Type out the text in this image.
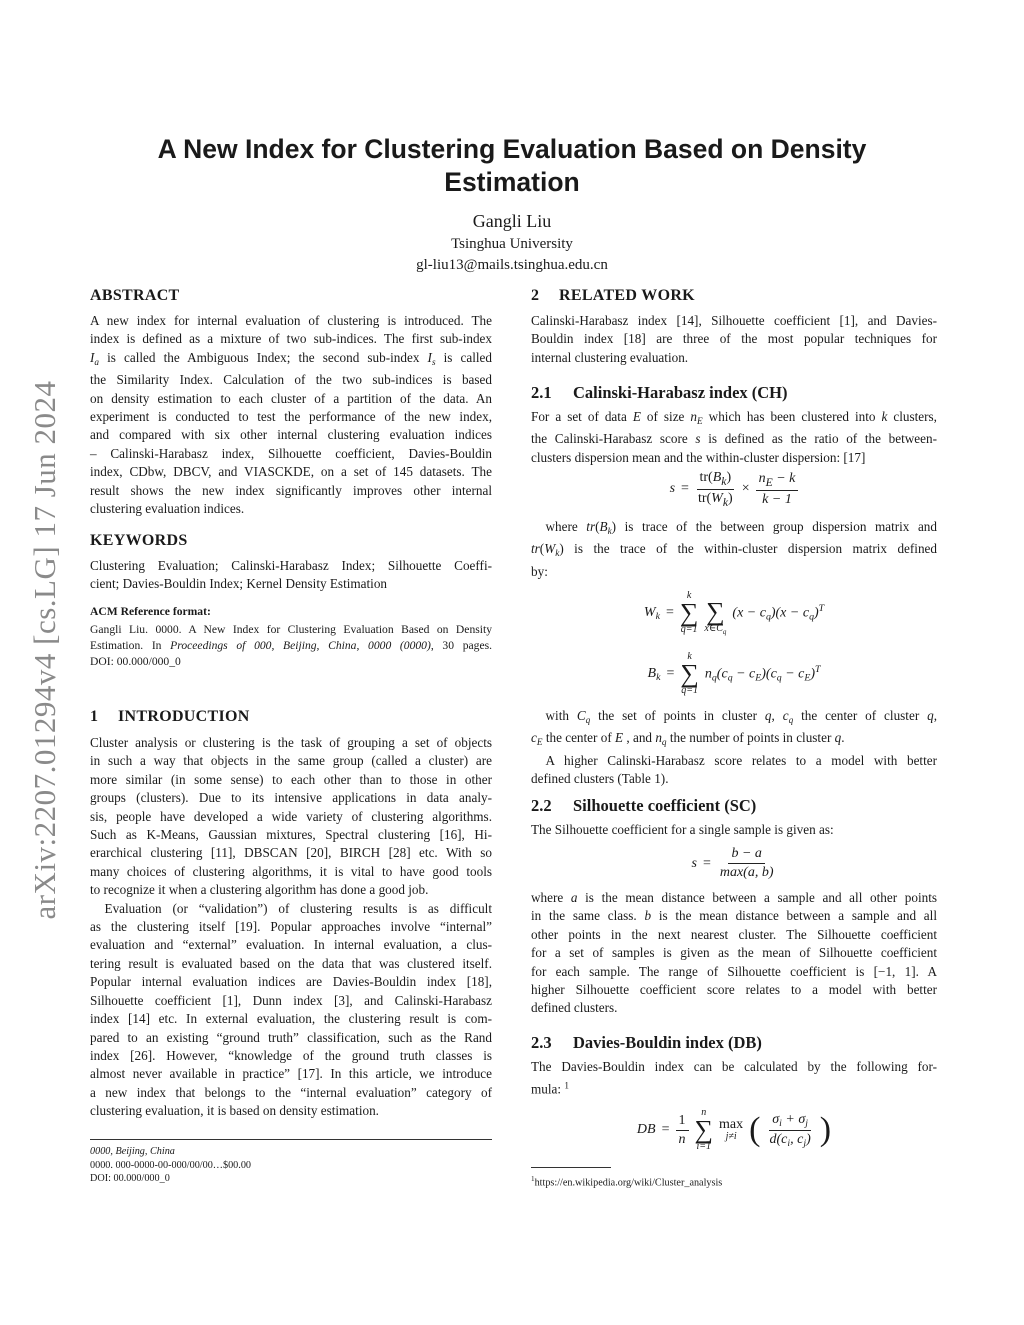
arXiv:2207.01294v4 [cs.LG] 17 Jun 2024
A New Index for Clustering Evaluation Based on Density
Estimation
Gangli Liu
Tsinghua University
gl-liu13@mails.tsinghua.edu.cn
ABSTRACT
A new index for internal evaluation of clustering is introduced. The
index is defined as a mixture of two sub-indices. The first sub-index
$I_a$ is called the Ambiguous Index; the second sub-index $I_s$ is called
the Similarity Index. Calculation of the two sub-indices is based
on density estimation to each cluster of a partition of the data. An
experiment is conducted to test the performance of the new index,
and compared with six other internal clustering evaluation indices
– Calinski-Harabasz index, Silhouette coefficient, Davies-Bouldin
index, CDbw, DBCV, and VIASCKDE, on a set of 145 datasets. The
result shows the new index significantly improves other internal
clustering evaluation indices.
KEYWORDS
Clustering Evaluation; Calinski-Harabasz Index; Silhouette Coeffi-
cient; Davies-Bouldin Index; Kernel Density Estimation
ACM Reference format:
Gangli Liu. 0000. A New Index for Clustering Evaluation Based on Density
Estimation. In Proceedings of 000, Beijing, China, 0000 (0000), 30 pages.
DOI: 00.000/000_0
1 INTRODUCTION
Cluster analysis or clustering is the task of grouping a set of objects
in such a way that objects in the same group (called a cluster) are
more similar (in some sense) to each other than to those in other
groups (clusters). Due to its intensive applications in data analy-
sis, people have developed a wide variety of clustering algorithms.
Such as K-Means, Gaussian mixtures, Spectral clustering [16], Hi-
erarchical clustering [11], DBSCAN [20], BIRCH [28] etc. With so
many choices of clustering algorithms, it is vital to have good tools
to recognize it when a clustering algorithm has done a good job.
Evaluation (or “validation”) of clustering results is as difficult
as the clustering itself [19]. Popular approaches involve “internal”
evaluation and “external” evaluation. In internal evaluation, a clus-
tering result is evaluated based on the data that was clustered itself.
Popular internal evaluation indices are Davies-Bouldin index [18],
Silhouette coefficient [1], Dunn index [3], and Calinski-Harabasz
index [14] etc. In external evaluation, the clustering result is com-
pared to an existing “ground truth” classification, such as the Rand
index [26]. However, “knowledge of the ground truth classes is
almost never available in practice” [17]. In this article, we introduce
a new index that belongs to the “internal evaluation” category of
clustering evaluation, it is based on density estimation.
0000, Beijing, China
0000. 000-0000-00-000/00/00…$00.00
DOI: 00.000/000_0
2 RELATED WORK
Calinski-Harabasz index [14], Silhouette coefficient [1], and Davies-
Bouldin index [18] are three of the most popular techniques for
internal clustering evaluation.
2.1 Calinski-Harabasz index (CH)
For a set of data E of size $n_E$ which has been clustered into k clusters,
the Calinski-Harabasz score s is defined as the ratio of the between-
clusters dispersion mean and the within-cluster dispersion: [17]
$s = \frac{tr(B_k)}{tr(W_k)} \times \frac{n_E - k}{k - 1}$
where $tr(B_k)$ is trace of the between group dispersion matrix and
$tr(W_k)$ is the trace of the within-cluster dispersion matrix defined
by:
$W_k$ =
k
∑
q=1

∑
$x\in C_q$
$(x - c_q)(x - c_q)^T$
$B_k$ =
k
∑
q=1
$n_q(c_q - c_E)(c_q - c_E)^T$
with $C_q$ the set of points in cluster q, $c_q$ the center of cluster q,
$c_E$ the center of E , and $n_q$ the number of points in cluster q.
A higher Calinski-Harabasz score relates to a model with better
defined clusters (Table 1).
2.2 Silhouette coefficient (SC)
The Silhouette coefficient for a single sample is given as:
$s = \frac{b - a}{\max(a, b)}$
where a is the mean distance between a sample and all other points
in the same class. b is the mean distance between a sample and all
other points in the next nearest cluster. The Silhouette coefficient
for a set of samples is given as the mean of Silhouette coefficient
for each sample. The range of Silhouette coefficient is [−1, 1]. A
higher Silhouette coefficient score relates to a model with better
defined clusters.
2.3 Davies-Bouldin index (DB)
The Davies-Bouldin index can be calculated by the following for-
mula: $^1$
DB = $\frac{1}{n}$ n
∑
i=1
max
j≠i ( $\frac{\sigma_i + \sigma_j}{d(c_i, c_j)}$ )
$^1$https://en.wikipedia.org/wiki/Cluster_analysis
